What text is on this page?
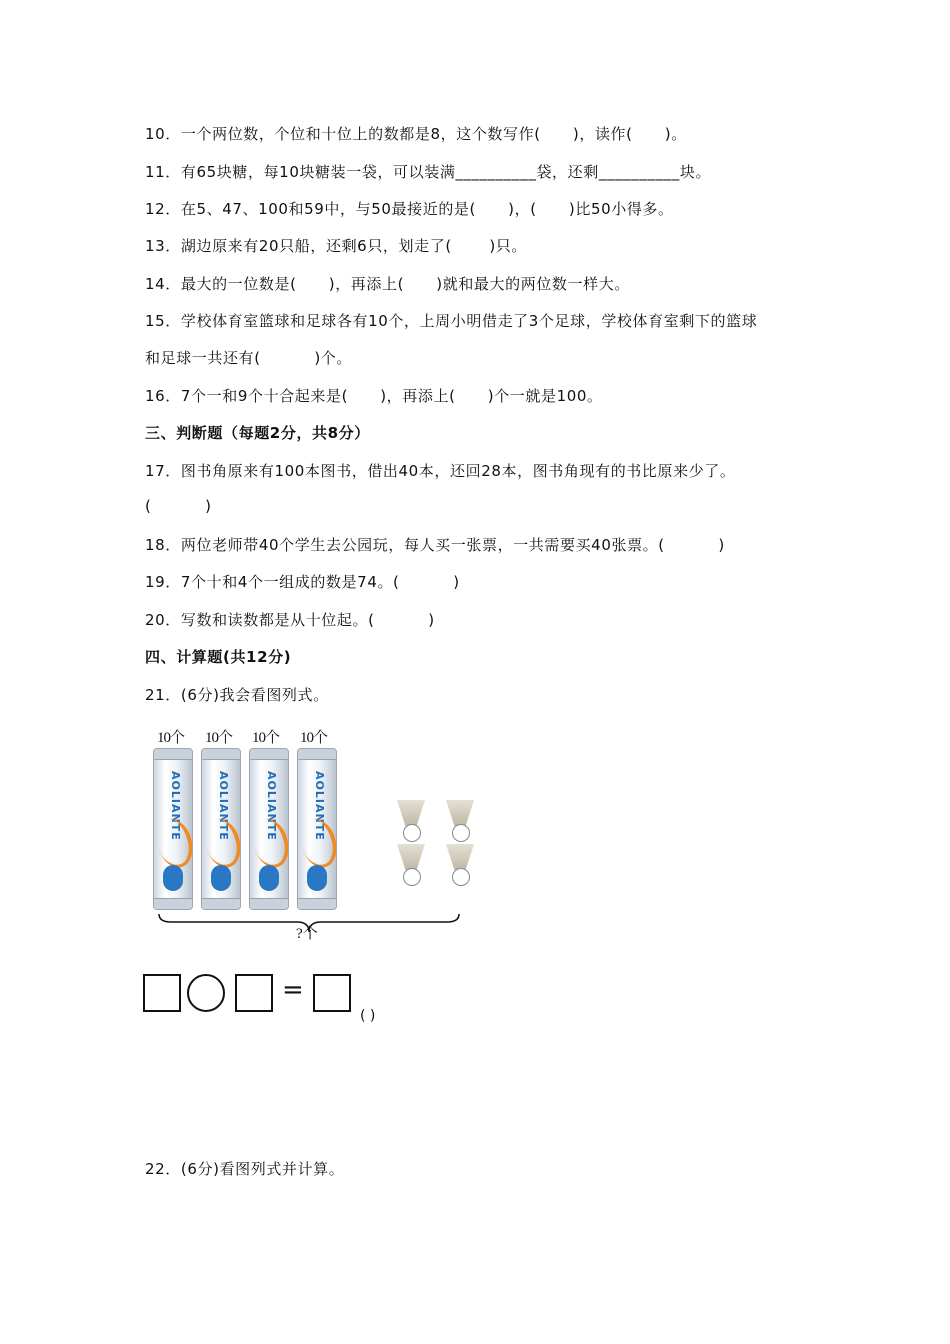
10．一个两位数，个位和十位上的数都是8，这个数写作(      )，读作(      )。
11．有65块糖，每10块糖装一袋，可以装满__________袋，还剩__________块。
12．在5、47、100和59中，与50最接近的是(      )，(      )比50小得多。
13．湖边原来有20只船，还剩6只，划走了(       )只。
14．最大的一位数是(      )，再添上(      )就和最大的两位数一样大。
15．学校体育室篮球和足球各有10个，上周小明借走了3个足球，学校体育室剩下的篮球
和足球一共还有(          )个。
16．7个一和9个十合起来是(      )，再添上(      )个一就是100。
三、判断题（每题2分，共8分）
17．图书角原来有100本图书，借出40本，还回28本，图书角现有的书比原来少了。
(          )
18．两位老师带40个学生去公园玩，每人买一张票，一共需要买40张票。(          )
19．7个十和4个一组成的数是74。(          )
20．写数和读数都是从十位起。(          )
四、计算题(共12分)
21．(6分)我会看图列式。
10个 10个 10个 10个
AOLIANTE	AOLIANTE	AOLIANTE	AOLIANTE
?个
=
( )
22．(6分)看图列式并计算。
